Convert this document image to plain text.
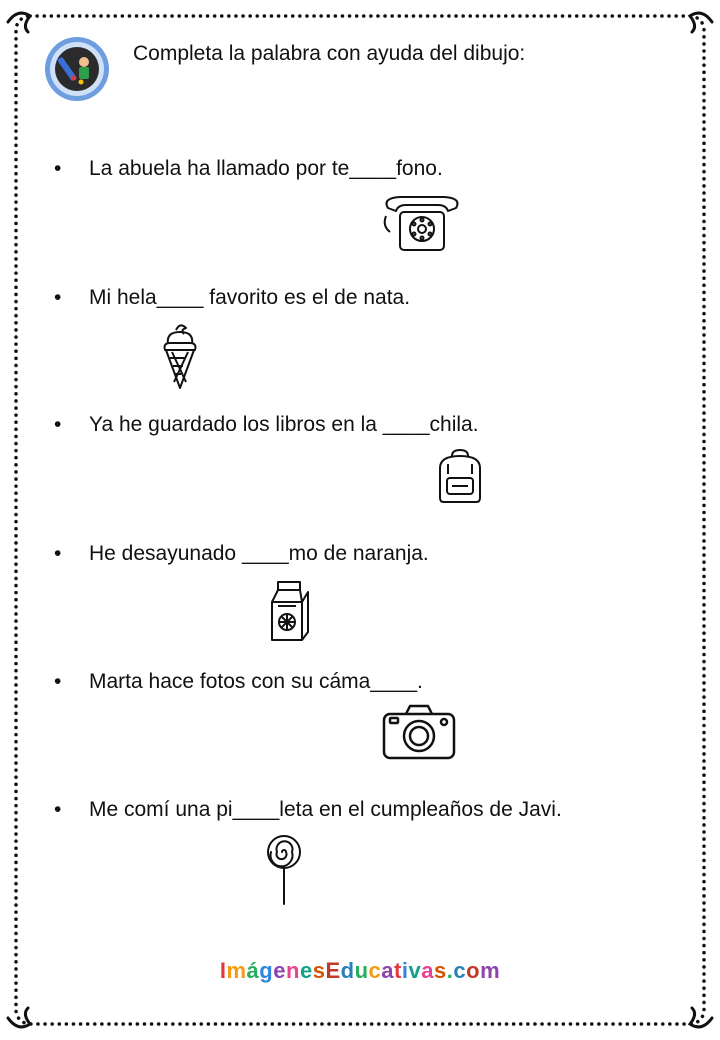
Completa la palabra con ayuda del dibujo:
• La abuela ha llamado por te____fono.
• Mi hela____ favorito es el de nata.
• Ya he guardado los libros en la ____chila.
• He desayunado ____mo de naranja.
• Marta hace fotos con su cáma____.
• Me comí una pi____leta en el cumpleaños de Javi.
ImágenesEducativas.com
